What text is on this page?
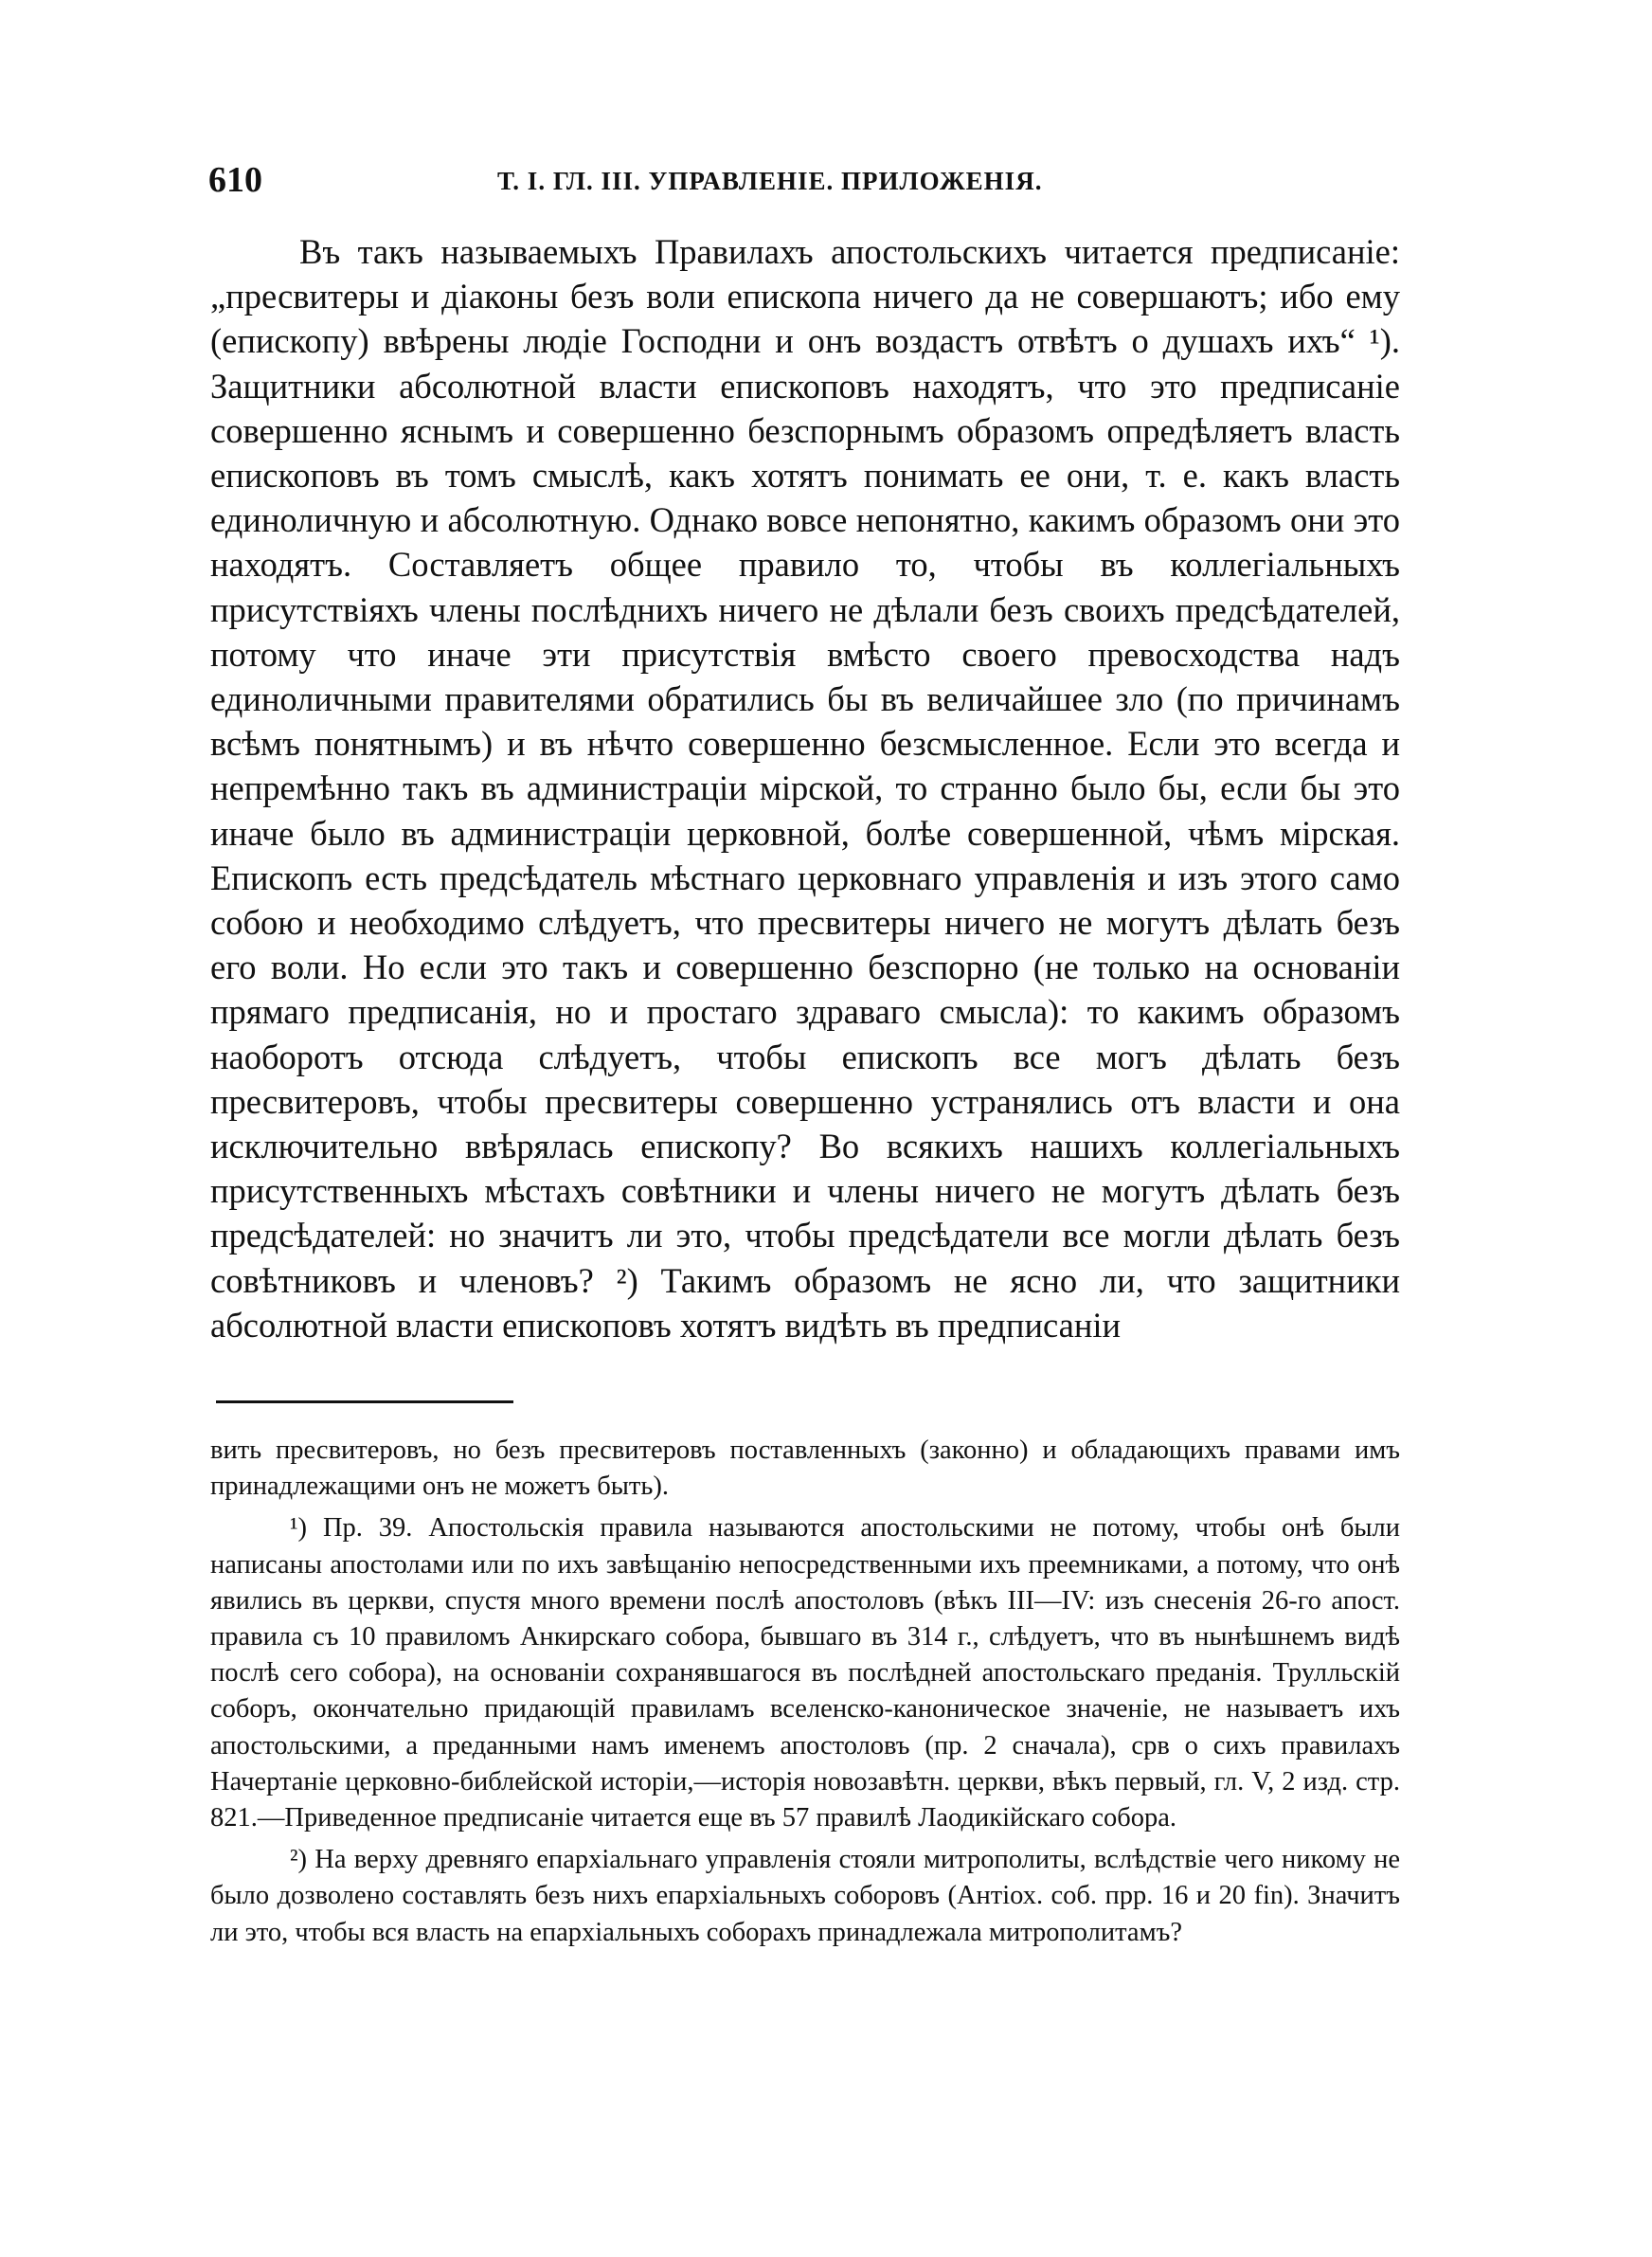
610	Т. I. ГЛ. III. УПРАВЛЕНІЕ. ПРИЛОЖЕНІЯ.

Въ такъ называемыхъ Правилахъ апостольскихъ читается предписаніе: „пресвитеры и діаконы безъ воли епископа ничего да не совершаютъ; ибо ему (епископу) ввѣрены людіе Господни и онъ воздастъ отвѣтъ о душахъ ихъ“ ¹). Защитники абсолютной власти епископовъ находятъ, что это предписаніе совершенно яснымъ и совершенно безспорнымъ образомъ опредѣляетъ власть епископовъ въ томъ смыслѣ, какъ хотятъ понимать ее они, т. е. какъ власть единоличную и абсолютную. Однако вовсе непонятно, какимъ образомъ они это находятъ. Составляетъ общее правило то, чтобы въ коллегіальныхъ присутствіяхъ члены послѣднихъ ничего не дѣлали безъ своихъ предсѣдателей, потому что иначе эти присутствія вмѣсто своего превосходства надъ единоличными правителями обратились бы въ величайшее зло (по причинамъ всѣмъ понятнымъ) и въ нѣчто совершенно безсмысленное. Если это всегда и непремѣнно такъ въ администраціи мірской, то странно было бы, если бы это иначе было въ администраціи церковной, болѣе совершенной, чѣмъ мірская. Епископъ есть предсѣдатель мѣстнаго церковнаго управленія и изъ этого само собою и необходимо слѣдуетъ, что пресвитеры ничего не могутъ дѣлать безъ его воли. Но если это такъ и совершенно безспорно (не только на основаніи прямаго предписанія, но и простаго здраваго смысла): то какимъ образомъ наоборотъ отсюда слѣдуетъ, чтобы епископъ все могъ дѣлать безъ пресвитеровъ, чтобы пресвитеры совершенно устранялись отъ власти и она исключительно ввѣрялась епископу? Во всякихъ нашихъ коллегіальныхъ присутственныхъ мѣстахъ совѣтники и члены ничего не могутъ дѣлать безъ предсѣдателей: но значитъ ли это, чтобы предсѣдатели все могли дѣлать безъ совѣтниковъ и членовъ? ²) Такимъ образомъ не ясно ли, что защитники абсолютной власти епископовъ хотятъ видѣть въ предписаніи

вить пресвитеровъ, но безъ пресвитеровъ поставленныхъ (законно) и обладающихъ правами имъ принадлежащими онъ не можетъ быть).

¹) Пр. 39. Апостольскія правила называются апостольскими не потому, чтобы онѣ были написаны апостолами или по ихъ завѣщанію непосредственными ихъ преемниками, а потому, что онѣ явились въ церкви, спустя много времени послѣ апостоловъ (вѣкъ III—IV: изъ снесенія 26-го апост. правила съ 10 правиломъ Анкирскаго собора, бывшаго въ 314 г., слѣдуетъ, что въ нынѣшнемъ видѣ послѣ сего собора), на основаніи сохранявшагося въ послѣдней апостольскаго преданія. Трулльскій соборъ, окончательно придающій правиламъ вселенско-каноническое значеніе, не называетъ ихъ апостольскими, а преданными намъ именемъ апостоловъ (пр. 2 сначала), срв о сихъ правилахъ Начертаніе церковно-библейской исторіи,—исторія новозавѣтн. церкви, вѣкъ первый, гл. V, 2 изд. стр. 821.—Приведенное предписаніе читается еще въ 57 правилѣ Лаодикійскаго собора.

²) На верху древняго епархіальнаго управленія стояли митрополиты, вслѣдствіе чего никому не было дозволено составлять безъ нихъ епархіальныхъ соборовъ (Антіох. соб. прр. 16 и 20 fin). Значитъ ли это, чтобы вся власть на епархіальныхъ соборахъ принадлежала митрополитамъ?
